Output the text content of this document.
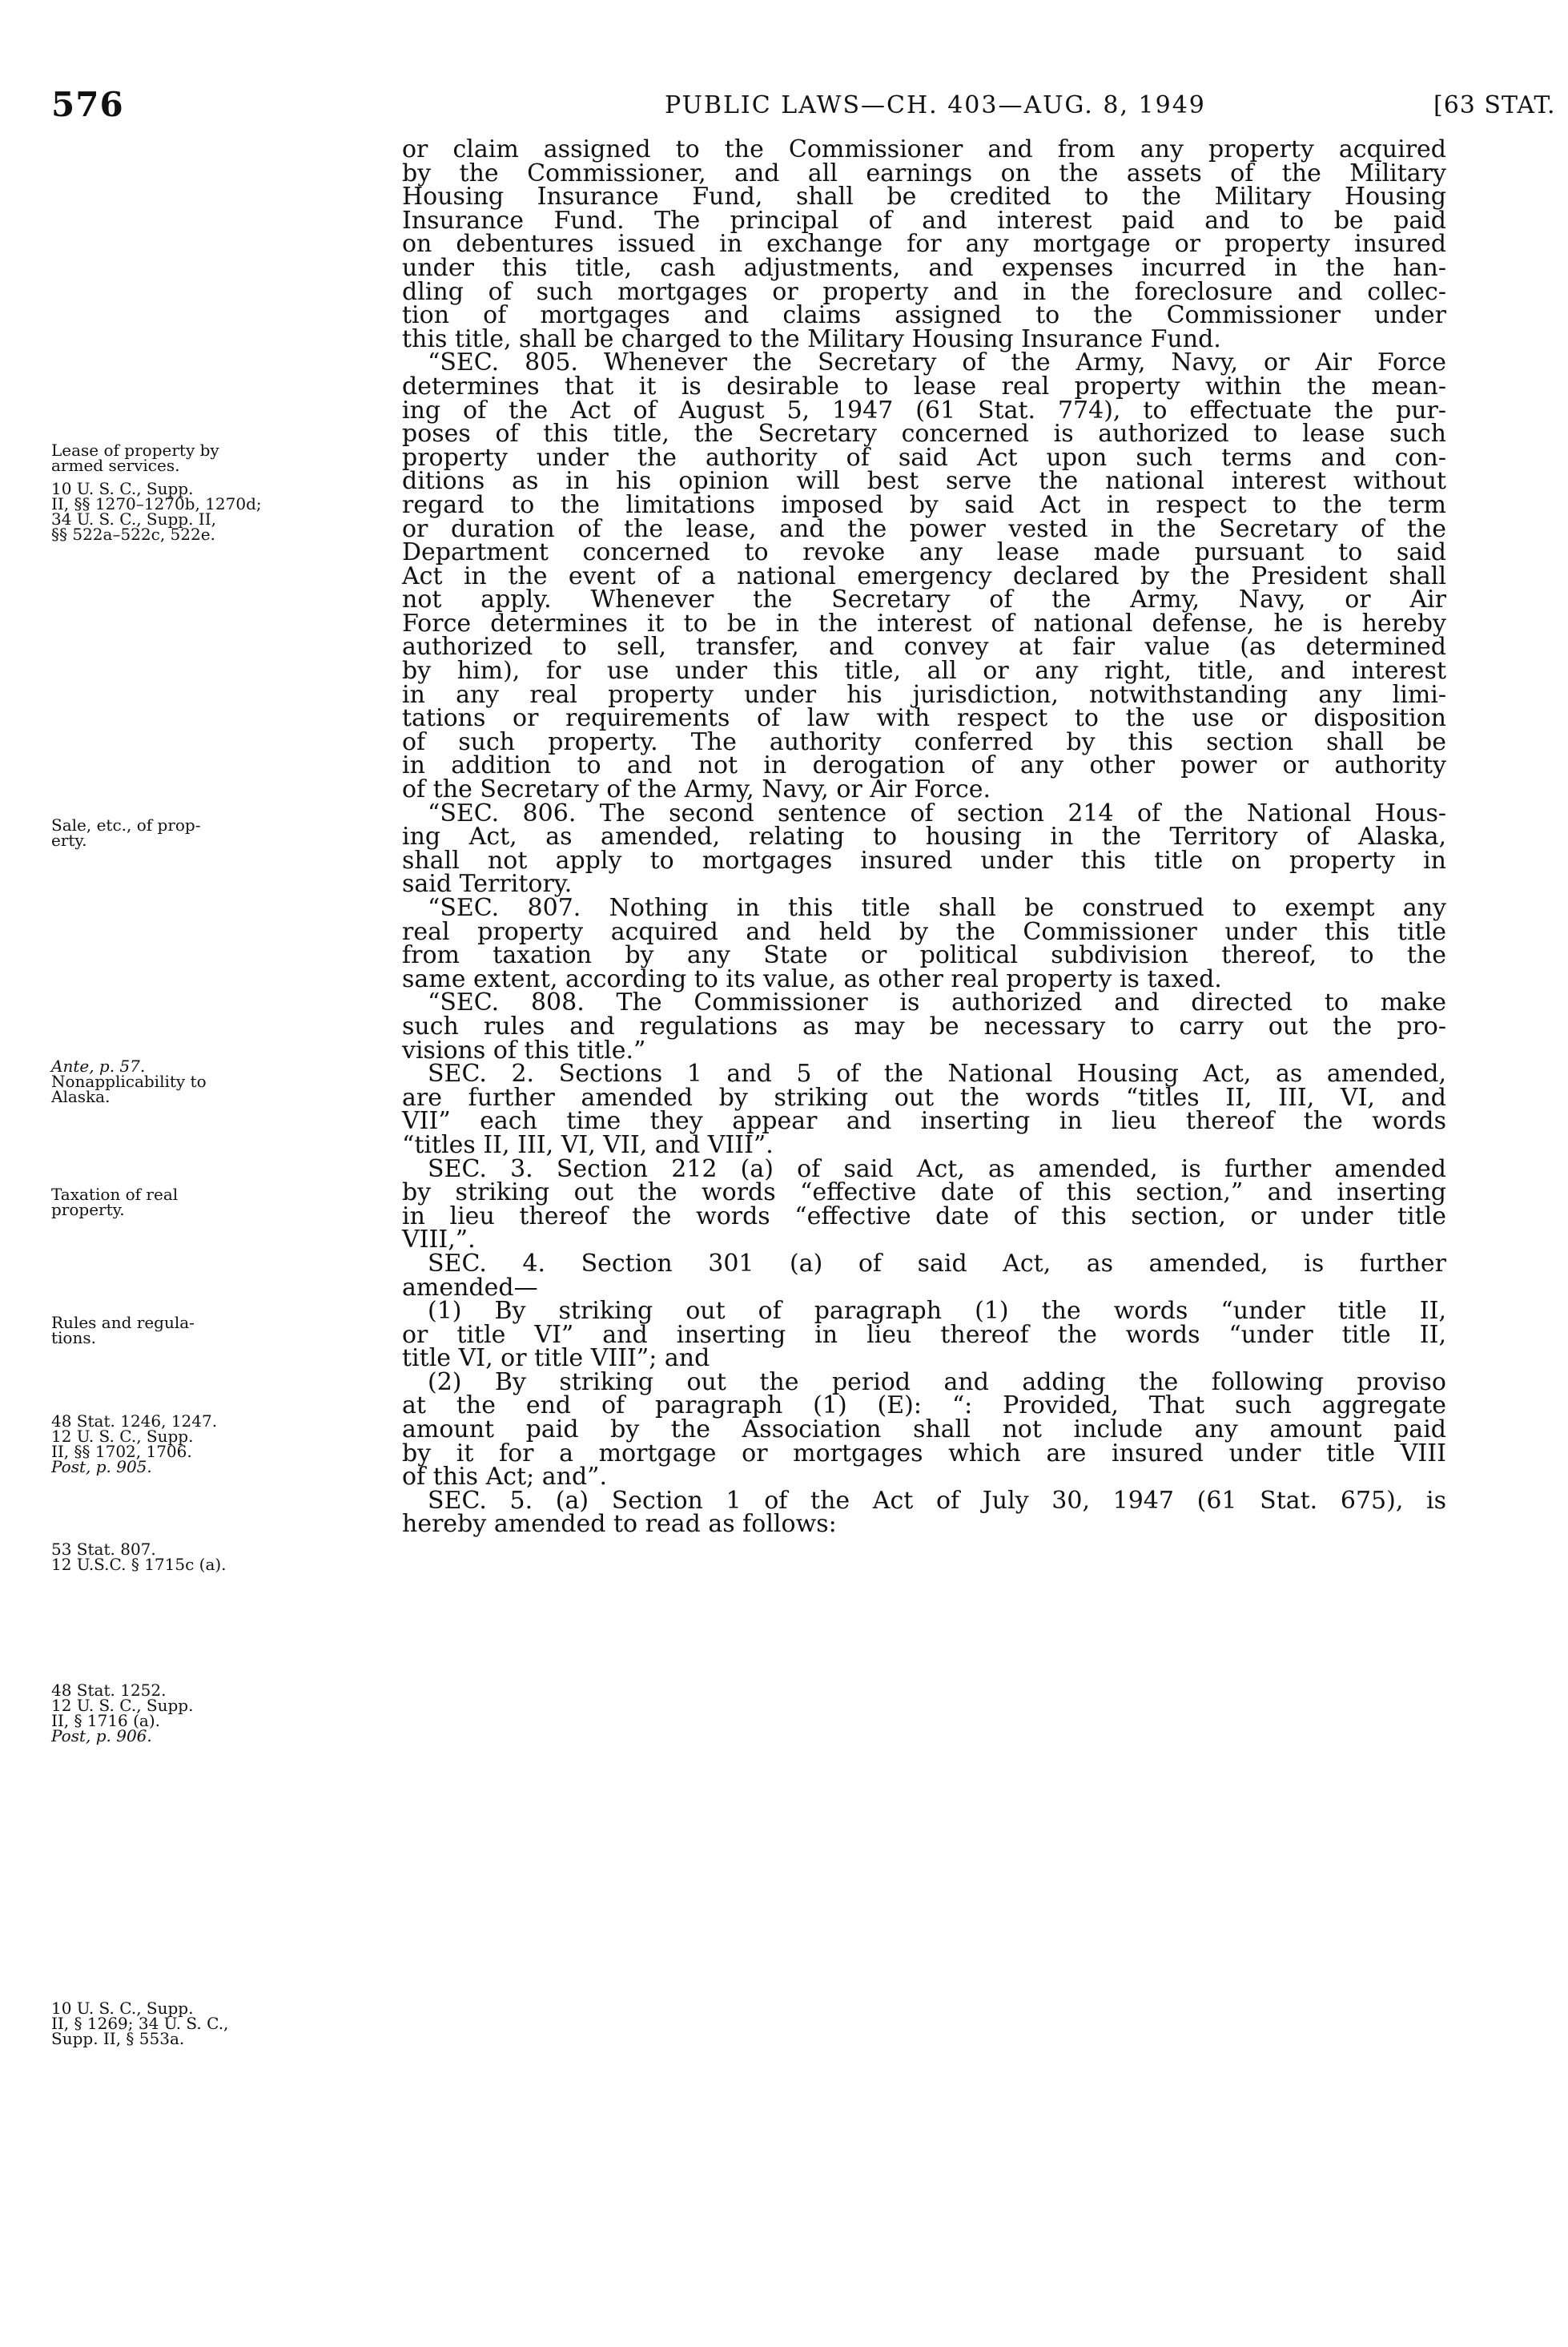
576	PUBLIC LAWS—CH. 403—AUG. 8, 1949	[63 STAT.
Lease of property by
armed services.
10 U. S. C., Supp.
II, §§ 1270–1270b, 1270d;
34 U. S. C., Supp. II,
§§ 522a–522c, 522e.
Sale, etc., of prop-
erty.
Ante, p. 57.
Nonapplicability to
Alaska.
Taxation of real
property.
Rules and regula-
tions.
48 Stat. 1246, 1247.
12 U. S. C., Supp.
II, §§ 1702, 1706.
Post, p. 905.
53 Stat. 807.
12 U.S.C. § 1715c (a).
48 Stat. 1252.
12 U. S. C., Supp.
II, § 1716 (a).
Post, p. 906.
10 U. S. C., Supp.
II, § 1269; 34 U. S. C.,
Supp. II, § 553a.
or claim assigned to the Commissioner and from any property acquired
by the Commissioner, and all earnings on the assets of the Military
Housing Insurance Fund, shall be credited to the Military Housing
Insurance Fund. The principal of and interest paid and to be paid
on debentures issued in exchange for any mortgage or property insured
under this title, cash adjustments, and expenses incurred in the han-
dling of such mortgages or property and in the foreclosure and collec-
tion of mortgages and claims assigned to the Commissioner under
this title, shall be charged to the Military Housing Insurance Fund.
“SEC. 805. Whenever the Secretary of the Army, Navy, or Air Force
determines that it is desirable to lease real property within the mean-
ing of the Act of August 5, 1947 (61 Stat. 774), to effectuate the pur-
poses of this title, the Secretary concerned is authorized to lease such
property under the authority of said Act upon such terms and con-
ditions as in his opinion will best serve the national interest without
regard to the limitations imposed by said Act in respect to the term
or duration of the lease, and the power vested in the Secretary of the
Department concerned to revoke any lease made pursuant to said
Act in the event of a national emergency declared by the President shall
not apply. Whenever the Secretary of the Army, Navy, or Air
Force determines it to be in the interest of national defense, he is hereby
authorized to sell, transfer, and convey at fair value (as determined
by him), for use under this title, all or any right, title, and interest
in any real property under his jurisdiction, notwithstanding any limi-
tations or requirements of law with respect to the use or disposition
of such property. The authority conferred by this section shall be
in addition to and not in derogation of any other power or authority
of the Secretary of the Army, Navy, or Air Force.
“SEC. 806. The second sentence of section 214 of the National Hous-
ing Act, as amended, relating to housing in the Territory of Alaska,
shall not apply to mortgages insured under this title on property in
said Territory.
“SEC. 807. Nothing in this title shall be construed to exempt any
real property acquired and held by the Commissioner under this title
from taxation by any State or political subdivision thereof, to the
same extent, according to its value, as other real property is taxed.
“SEC. 808. The Commissioner is authorized and directed to make
such rules and regulations as may be necessary to carry out the pro-
visions of this title.”
SEC. 2. Sections 1 and 5 of the National Housing Act, as amended,
are further amended by striking out the words “titles II, III, VI, and
VII” each time they appear and inserting in lieu thereof the words
“titles II, III, VI, VII, and VIII”.
SEC. 3. Section 212 (a) of said Act, as amended, is further amended
by striking out the words “effective date of this section,” and inserting
in lieu thereof the words “effective date of this section, or under title
VIII,”.
SEC. 4. Section 301 (a) of said Act, as amended, is further
amended—
(1) By striking out of paragraph (1) the words “under title II,
or title VI” and inserting in lieu thereof the words “under title II,
title VI, or title VIII”; and
(2) By striking out the period and adding the following proviso
at the end of paragraph (1) (E): “: Provided, That such aggregate
amount paid by the Association shall not include any amount paid
by it for a mortgage or mortgages which are insured under title VIII
of this Act; and”.
SEC. 5. (a) Section 1 of the Act of July 30, 1947 (61 Stat. 675), is
hereby amended to read as follows:
